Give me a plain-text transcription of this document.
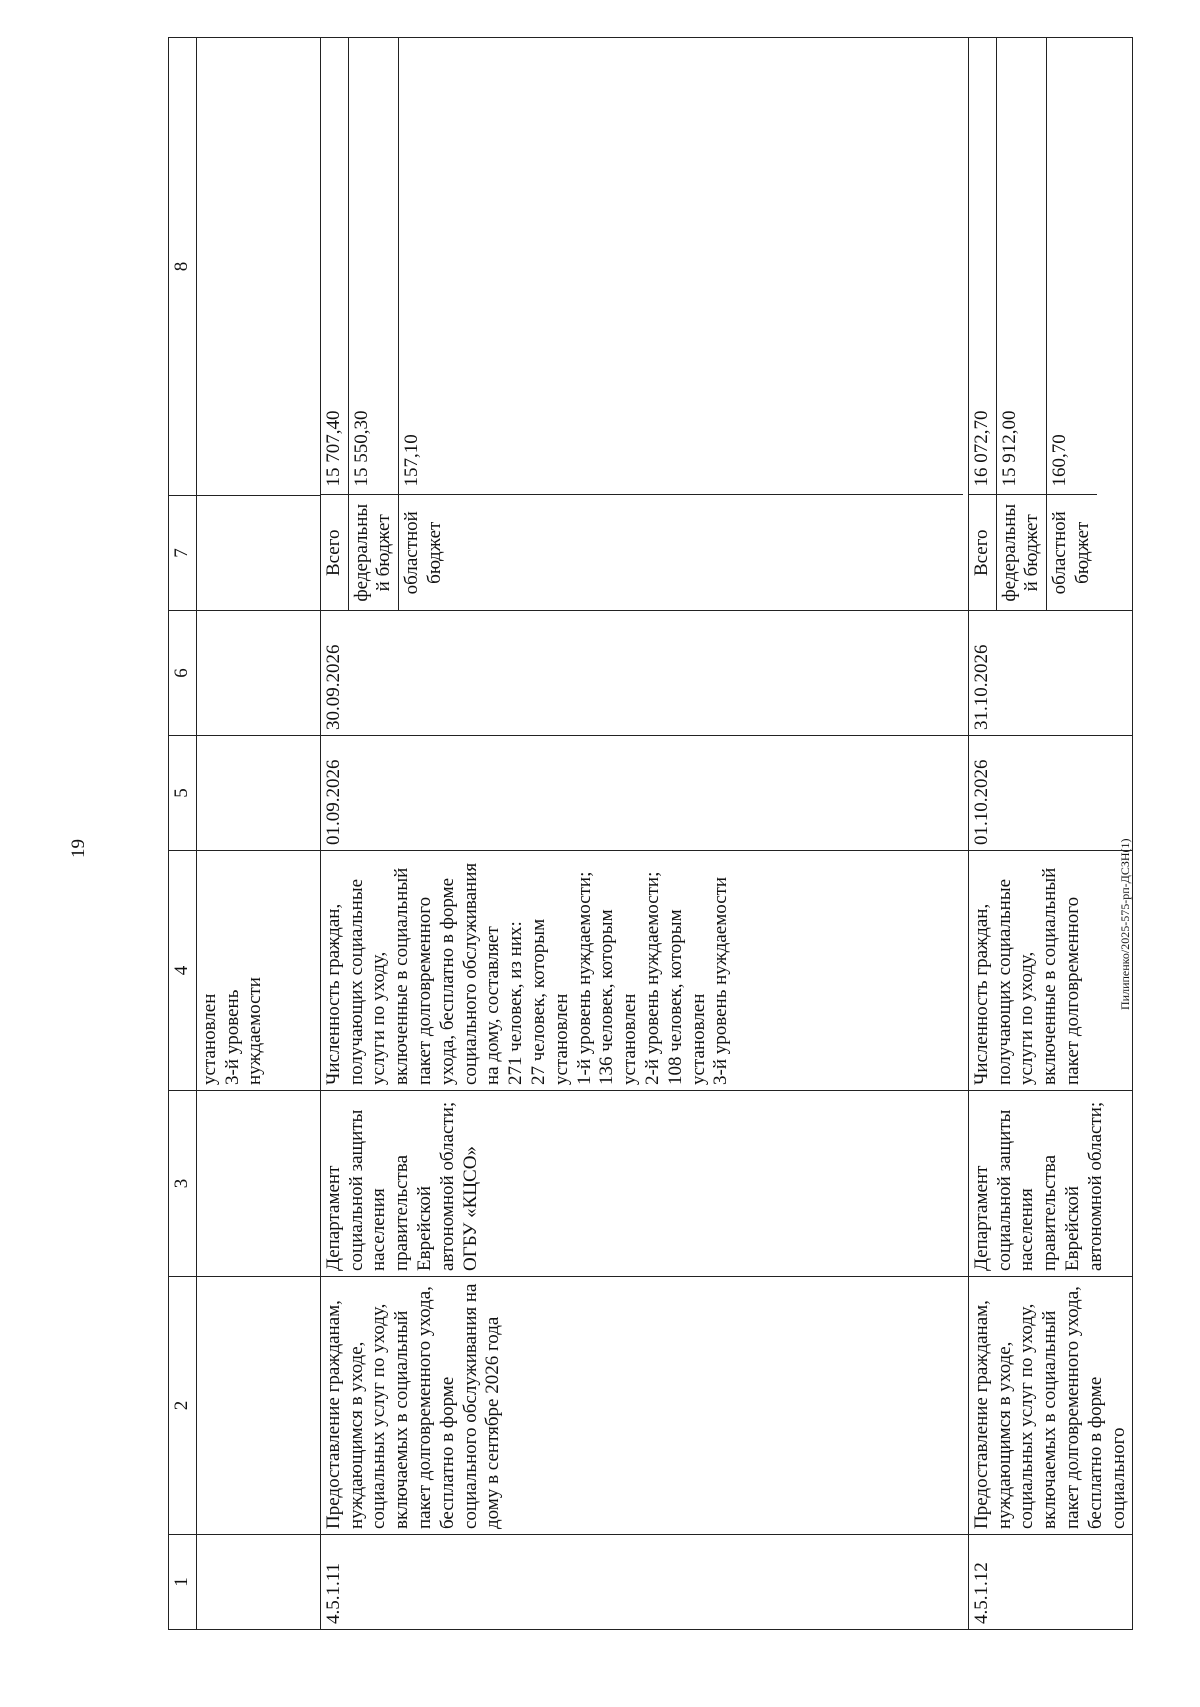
19	Пилипенко/2025-575-рп-ДСЗН(1)
1	2	3	4	5	6	7	8
			установлен
3-й уровень
нуждаемости				
4.5.1.11	Предоставление гражданам, нуждающимся в уходе, социальных услуг по уходу, включаемых в социальный пакет долговременного ухода, бесплатно в форме социального обслуживания на дому в сентябре 2026 года	Департамент социальной защиты населения правительства Еврейской автономной области; ОГБУ «КЦСО»	Численность граждан, получающих социальные услуги по уходу, включенные в социальный пакет долговременного ухода, бесплатно в форме социального обслуживания на дому, составляет
271 человек, из них:
27 человек, которым установлен
1-й уровень нуждаемости;
136 человек, которым установлен
2-й уровень нуждаемости;
108 человек, которым установлен
3-й уровень нуждаемости	01.09.2026	30.09.2026	
Всего	15 707,40
федеральный бюджет	15 550,30
областной бюджет	157,10

4.5.1.12	Предоставление гражданам, нуждающимся в уходе, социальных услуг по уходу, включаемых в социальный пакет долговременного ухода, бесплатно в форме социального	Департамент социальной защиты населения правительства Еврейской автономной области;	Численность граждан, получающих социальные услуги по уходу, включенные в социальный пакет долговременного	01.10.2026	31.10.2026	
Всего	16 072,70
федеральный бюджет	15 912,00
областной бюджет	160,70
